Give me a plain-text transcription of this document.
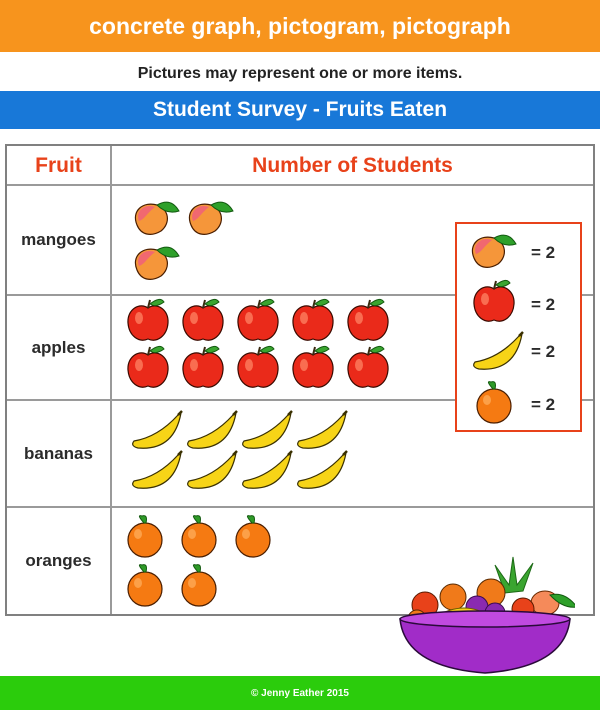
concrete graph, pictogram, pictograph
Pictures may represent one or more items.
Student Survey - Fruits Eaten
Fruit	Number of Students
mangoes
apples
bananas
oranges
= 2
= 2
= 2
= 2
© Jenny Eather 2015
